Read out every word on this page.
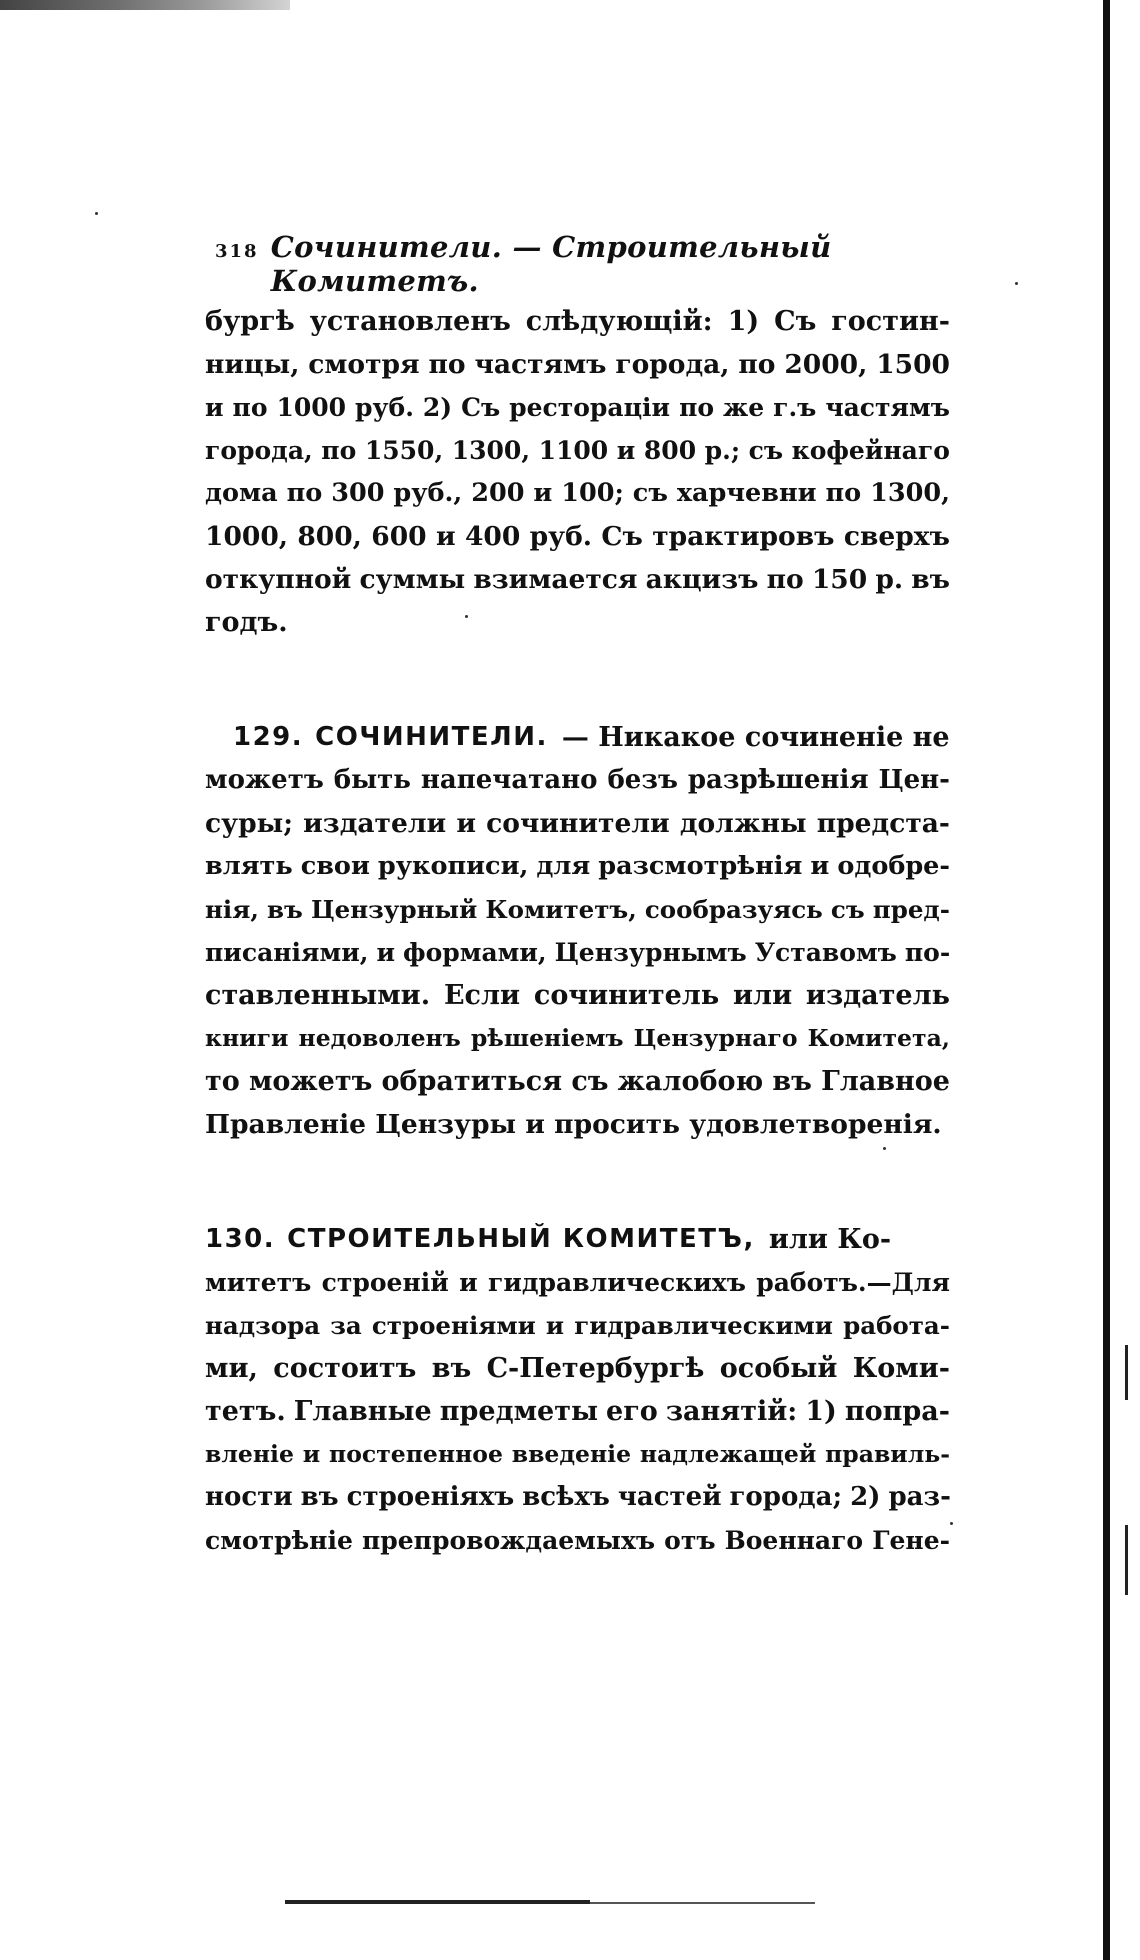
318 Сочинители. — Строительный Комитетъ.
бургѣ установленъ слѣдующій: 1) Съ гостин-
ницы, смотря по частямъ города, по 2000, 1500
и по 1000 руб. 2) Съ ресторацiи по же г.ъ частямъ
города, по 1550, 1300, 1100 и 800 р.; съ кофейнаго
дома по 300 руб., 200 и 100; съ харчевни по 1300,
1000, 800, 600 и 400 руб. Съ трактировъ сверхъ
откупной суммы взимается акцизъ по 150 р. въ
годъ.
129. СОЧИНИТЕЛИ. — Никакое сочиненіе не
можетъ быть напечатано безъ разрѣшенія Цен-
суры; издатели и сочинители должны предста-
влять свои рукописи, для разсмотрѣнія и одобре-
нія, въ Цензурный Комитетъ, сообразуясь съ пред-
писаніями, и формами, Цензурнымъ Уставомъ по-
ставленными. Если сочинитель или издатель
книги недоволенъ рѣшеніемъ Цензурнаго Комитета,
то можетъ обратиться съ жалобою въ Главное
Правленіе Цензуры и просить удовлетворенія.
130. СТРОИТЕЛЬНЫЙ КОМИТЕТЪ, или Ко-
митетъ строеній и гидравлическихъ работъ.—Для
надзора за строеніями и гидравлическими работа-
ми, состоитъ въ С-Петербургѣ особый Коми-
тетъ. Главные предметы его занятій: 1) попра-
вленіе и постепенное введеніе надлежащей правиль-
ности въ строеніяхъ всѣхъ частей города; 2) раз-
смотрѣніе препровождаемыхъ отъ Военнаго Гене-
